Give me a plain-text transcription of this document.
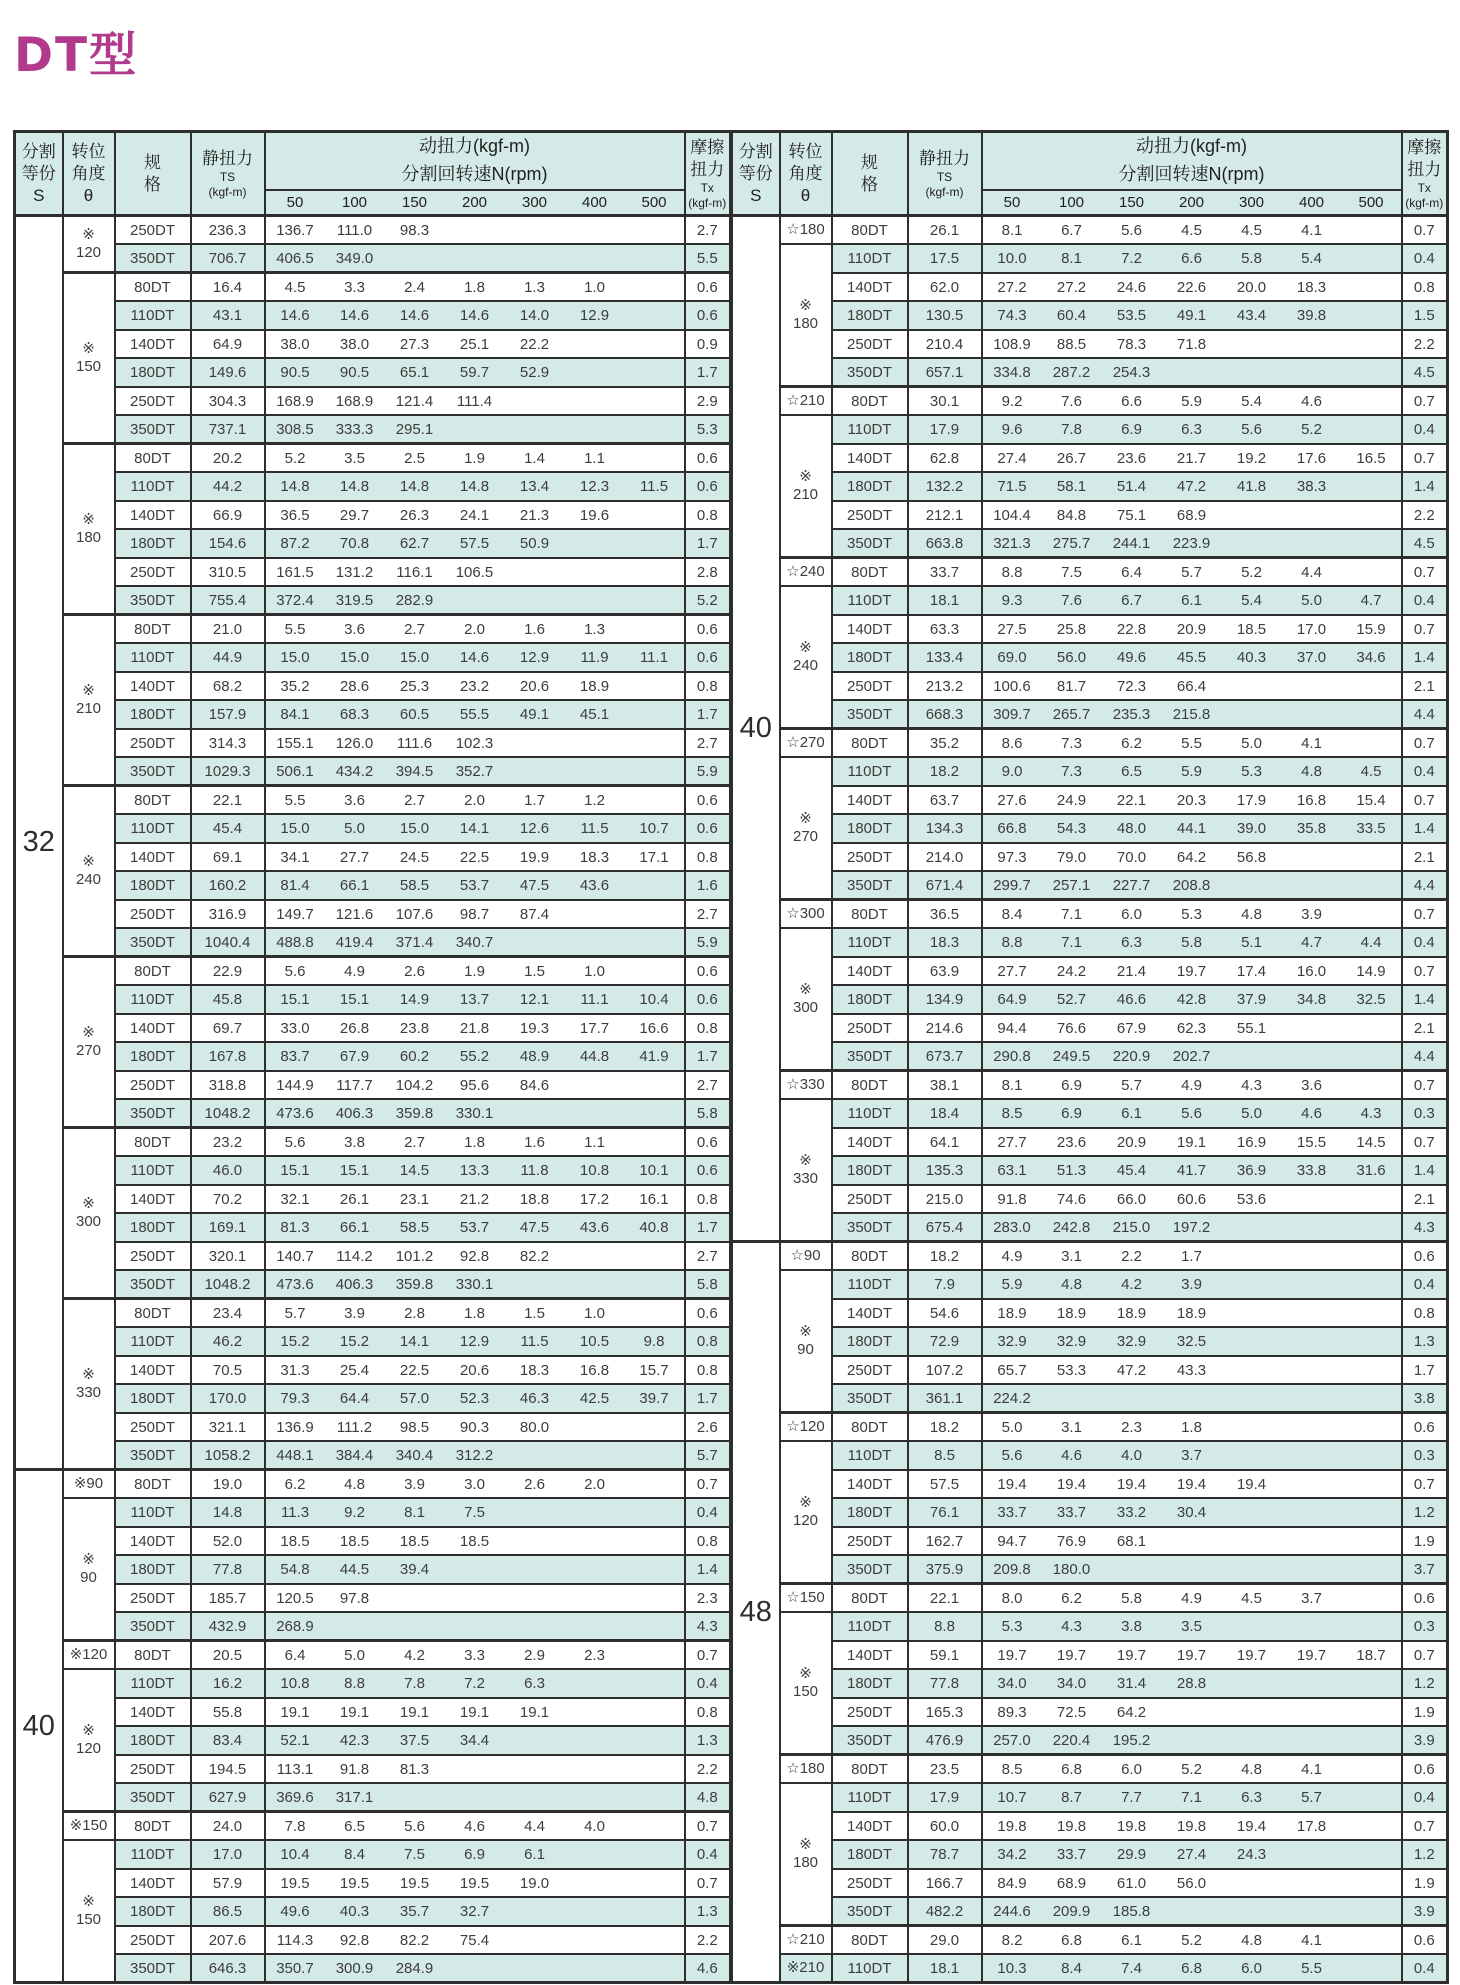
DT型
分割
等份
S	转位
角度
θ	规
格	静扭力

TS
(kgf-m)	动扭力(kgf-m)
分割回转速N(rpm)							摩擦
扭力

Tx
(kgf-m)

				50	100	150	200	300	400	500	
32	※
120	250DT	236.3	136.7	111.0	98.3					2.7
		350DT	706.7	406.5	349.0						5.5
	※
150	80DT	16.4	4.5	3.3	2.4	1.8	1.3	1.0		0.6
		110DT	43.1	14.6	14.6	14.6	14.6	14.0	12.9		0.6
		140DT	64.9	38.0	38.0	27.3	25.1	22.2			0.9
		180DT	149.6	90.5	90.5	65.1	59.7	52.9			1.7
		250DT	304.3	168.9	168.9	121.4	111.4				2.9
		350DT	737.1	308.5	333.3	295.1					5.3
	※
180	80DT	20.2	5.2	3.5	2.5	1.9	1.4	1.1		0.6
		110DT	44.2	14.8	14.8	14.8	14.8	13.4	12.3	11.5	0.6
		140DT	66.9	36.5	29.7	26.3	24.1	21.3	19.6		0.8
		180DT	154.6	87.2	70.8	62.7	57.5	50.9			1.7
		250DT	310.5	161.5	131.2	116.1	106.5				2.8
		350DT	755.4	372.4	319.5	282.9					5.2
	※
210	80DT	21.0	5.5	3.6	2.7	2.0	1.6	1.3		0.6
		110DT	44.9	15.0	15.0	15.0	14.6	12.9	11.9	11.1	0.6
		140DT	68.2	35.2	28.6	25.3	23.2	20.6	18.9		0.8
		180DT	157.9	84.1	68.3	60.5	55.5	49.1	45.1		1.7
		250DT	314.3	155.1	126.0	111.6	102.3				2.7
		350DT	1029.3	506.1	434.2	394.5	352.7				5.9
	※
240	80DT	22.1	5.5	3.6	2.7	2.0	1.7	1.2		0.6
		110DT	45.4	15.0	5.0	15.0	14.1	12.6	11.5	10.7	0.6
		140DT	69.1	34.1	27.7	24.5	22.5	19.9	18.3	17.1	0.8
		180DT	160.2	81.4	66.1	58.5	53.7	47.5	43.6		1.6
		250DT	316.9	149.7	121.6	107.6	98.7	87.4			2.7
		350DT	1040.4	488.8	419.4	371.4	340.7				5.9
	※
270	80DT	22.9	5.6	4.9	2.6	1.9	1.5	1.0		0.6
		110DT	45.8	15.1	15.1	14.9	13.7	12.1	11.1	10.4	0.6
		140DT	69.7	33.0	26.8	23.8	21.8	19.3	17.7	16.6	0.8
		180DT	167.8	83.7	67.9	60.2	55.2	48.9	44.8	41.9	1.7
		250DT	318.8	144.9	117.7	104.2	95.6	84.6			2.7
		350DT	1048.2	473.6	406.3	359.8	330.1				5.8
	※
300	80DT	23.2	5.6	3.8	2.7	1.8	1.6	1.1		0.6
		110DT	46.0	15.1	15.1	14.5	13.3	11.8	10.8	10.1	0.6
		140DT	70.2	32.1	26.1	23.1	21.2	18.8	17.2	16.1	0.8
		180DT	169.1	81.3	66.1	58.5	53.7	47.5	43.6	40.8	1.7
		250DT	320.1	140.7	114.2	101.2	92.8	82.2			2.7
		350DT	1048.2	473.6	406.3	359.8	330.1				5.8
	※
330	80DT	23.4	5.7	3.9	2.8	1.8	1.5	1.0		0.6
		110DT	46.2	15.2	15.2	14.1	12.9	11.5	10.5	9.8	0.8
		140DT	70.5	31.3	25.4	22.5	20.6	18.3	16.8	15.7	0.8
		180DT	170.0	79.3	64.4	57.0	52.3	46.3	42.5	39.7	1.7
		250DT	321.1	136.9	111.2	98.5	90.3	80.0			2.6
		350DT	1058.2	448.1	384.4	340.4	312.2				5.7
40	※90	80DT	19.0	6.2	4.8	3.9	3.0	2.6	2.0		0.7
	※
90	110DT	14.8	11.3	9.2	8.1	7.5				0.4
		140DT	52.0	18.5	18.5	18.5	18.5				0.8
		180DT	77.8	54.8	44.5	39.4					1.4
		250DT	185.7	120.5	97.8						2.3
		350DT	432.9	268.9							4.3
	※120	80DT	20.5	6.4	5.0	4.2	3.3	2.9	2.3		0.7
	※
120	110DT	16.2	10.8	8.8	7.8	7.2	6.3			0.4
		140DT	55.8	19.1	19.1	19.1	19.1	19.1			0.8
		180DT	83.4	52.1	42.3	37.5	34.4				1.3
		250DT	194.5	113.1	91.8	81.3					2.2
		350DT	627.9	369.6	317.1						4.8
	※150	80DT	24.0	7.8	6.5	5.6	4.6	4.4	4.0		0.7
	※
150	110DT	17.0	10.4	8.4	7.5	6.9	6.1			0.4
		140DT	57.9	19.5	19.5	19.5	19.5	19.0			0.7
		180DT	86.5	49.6	40.3	35.7	32.7				1.3
		250DT	207.6	114.3	92.8	82.2	75.4				2.2
		350DT	646.3	350.7	300.9	284.9					4.6
分割
等份
S	转位
角度
θ	规
格	静扭力

TS
(kgf-m)	动扭力(kgf-m)
分割回转速N(rpm)							摩擦
扭力

Tx
(kgf-m)

				50	100	150	200	300	400	500	
40	☆180	80DT	26.1	8.1	6.7	5.6	4.5	4.5	4.1		0.7
	※
180	110DT	17.5	10.0	8.1	7.2	6.6	5.8	5.4		0.4
		140DT	62.0	27.2	27.2	24.6	22.6	20.0	18.3		0.8
		180DT	130.5	74.3	60.4	53.5	49.1	43.4	39.8		1.5
		250DT	210.4	108.9	88.5	78.3	71.8				2.2
		350DT	657.1	334.8	287.2	254.3					4.5
	☆210	80DT	30.1	9.2	7.6	6.6	5.9	5.4	4.6		0.7
	※
210	110DT	17.9	9.6	7.8	6.9	6.3	5.6	5.2		0.4
		140DT	62.8	27.4	26.7	23.6	21.7	19.2	17.6	16.5	0.7
		180DT	132.2	71.5	58.1	51.4	47.2	41.8	38.3		1.4
		250DT	212.1	104.4	84.8	75.1	68.9				2.2
		350DT	663.8	321.3	275.7	244.1	223.9				4.5
	☆240	80DT	33.7	8.8	7.5	6.4	5.7	5.2	4.4		0.7
	※
240	110DT	18.1	9.3	7.6	6.7	6.1	5.4	5.0	4.7	0.4
		140DT	63.3	27.5	25.8	22.8	20.9	18.5	17.0	15.9	0.7
		180DT	133.4	69.0	56.0	49.6	45.5	40.3	37.0	34.6	1.4
		250DT	213.2	100.6	81.7	72.3	66.4				2.1
		350DT	668.3	309.7	265.7	235.3	215.8				4.4
	☆270	80DT	35.2	8.6	7.3	6.2	5.5	5.0	4.1		0.7
	※
270	110DT	18.2	9.0	7.3	6.5	5.9	5.3	4.8	4.5	0.4
		140DT	63.7	27.6	24.9	22.1	20.3	17.9	16.8	15.4	0.7
		180DT	134.3	66.8	54.3	48.0	44.1	39.0	35.8	33.5	1.4
		250DT	214.0	97.3	79.0	70.0	64.2	56.8			2.1
		350DT	671.4	299.7	257.1	227.7	208.8				4.4
	☆300	80DT	36.5	8.4	7.1	6.0	5.3	4.8	3.9		0.7
	※
300	110DT	18.3	8.8	7.1	6.3	5.8	5.1	4.7	4.4	0.4
		140DT	63.9	27.7	24.2	21.4	19.7	17.4	16.0	14.9	0.7
		180DT	134.9	64.9	52.7	46.6	42.8	37.9	34.8	32.5	1.4
		250DT	214.6	94.4	76.6	67.9	62.3	55.1			2.1
		350DT	673.7	290.8	249.5	220.9	202.7				4.4
	☆330	80DT	38.1	8.1	6.9	5.7	4.9	4.3	3.6		0.7
	※
330	110DT	18.4	8.5	6.9	6.1	5.6	5.0	4.6	4.3	0.3
		140DT	64.1	27.7	23.6	20.9	19.1	16.9	15.5	14.5	0.7
		180DT	135.3	63.1	51.3	45.4	41.7	36.9	33.8	31.6	1.4
		250DT	215.0	91.8	74.6	66.0	60.6	53.6			2.1
		350DT	675.4	283.0	242.8	215.0	197.2				4.3
48	☆90	80DT	18.2	4.9	3.1	2.2	1.7				0.6
	※
90	110DT	7.9	5.9	4.8	4.2	3.9				0.4
		140DT	54.6	18.9	18.9	18.9	18.9				0.8
		180DT	72.9	32.9	32.9	32.9	32.5				1.3
		250DT	107.2	65.7	53.3	47.2	43.3				1.7
		350DT	361.1	224.2							3.8
	☆120	80DT	18.2	5.0	3.1	2.3	1.8				0.6
	※
120	110DT	8.5	5.6	4.6	4.0	3.7				0.3
		140DT	57.5	19.4	19.4	19.4	19.4	19.4			0.7
		180DT	76.1	33.7	33.7	33.2	30.4				1.2
		250DT	162.7	94.7	76.9	68.1					1.9
		350DT	375.9	209.8	180.0						3.7
	☆150	80DT	22.1	8.0	6.2	5.8	4.9	4.5	3.7		0.6
	※
150	110DT	8.8	5.3	4.3	3.8	3.5				0.3
		140DT	59.1	19.7	19.7	19.7	19.7	19.7	19.7	18.7	0.7
		180DT	77.8	34.0	34.0	31.4	28.8				1.2
		250DT	165.3	89.3	72.5	64.2					1.9
		350DT	476.9	257.0	220.4	195.2					3.9
	☆180	80DT	23.5	8.5	6.8	6.0	5.2	4.8	4.1		0.6
	※
180	110DT	17.9	10.7	8.7	7.7	7.1	6.3	5.7		0.4
		140DT	60.0	19.8	19.8	19.8	19.8	19.4	17.8		0.7
		180DT	78.7	34.2	33.7	29.9	27.4	24.3			1.2
		250DT	166.7	84.9	68.9	61.0	56.0				1.9
		350DT	482.2	244.6	209.9	185.8					3.9
	☆210	80DT	29.0	8.2	6.8	6.1	5.2	4.8	4.1		0.6
	※210	110DT	18.1	10.3	8.4	7.4	6.8	6.0	5.5		0.4
